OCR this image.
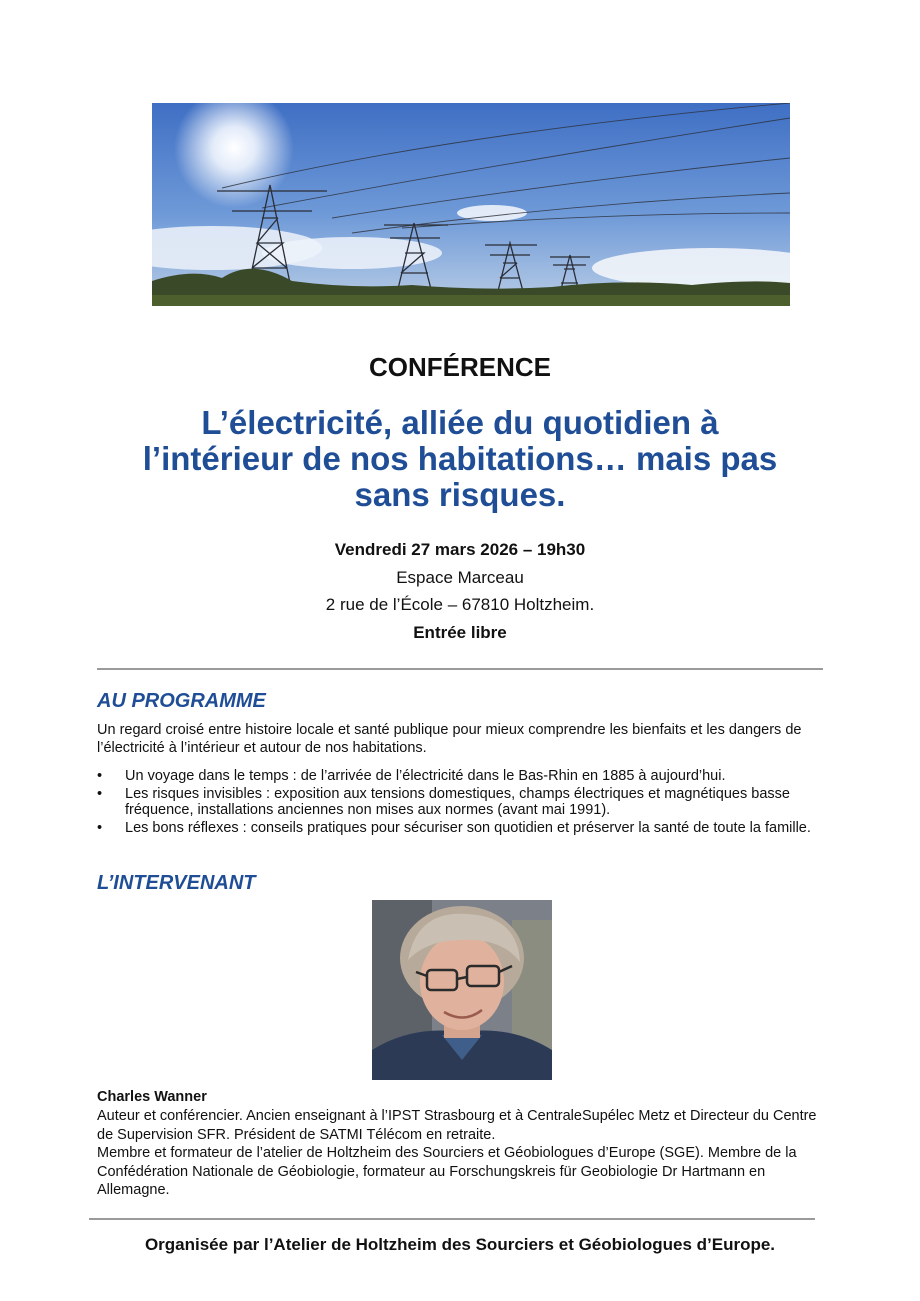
CONFÉRENCE
L’électricité, alliée du quotidien à
l’intérieur de nos habitations… mais pas
sans risques.
Vendredi 27 mars 2026 – 19h30
Espace Marceau
2 rue de l’École – 67810 Holtzheim.
Entrée libre
AU PROGRAMME
Un regard croisé entre histoire locale et santé publique pour mieux comprendre les bienfaits et les dangers de l’électricité à l’intérieur et autour de nos habitations.
• Un voyage dans le temps : de l’arrivée de l’électricité dans le Bas-Rhin en 1885 à aujourd’hui.
• Les risques invisibles : exposition aux tensions domestiques, champs électriques et magnétiques basse fréquence, installations anciennes non mises aux normes (avant mai 1991).
• Les bons réflexes : conseils pratiques pour sécuriser son quotidien et préserver la santé de toute la famille.
L’INTERVENANT
Charles Wanner
Auteur et conférencier. Ancien enseignant à l’IPST Strasbourg et à CentraleSupélec Metz et Directeur du Centre de Supervision SFR. Président de SATMI Télécom en retraite.
Membre et formateur de l’atelier de Holtzheim des Sourciers et Géobiologues d’Europe (SGE). Membre de la Confédération Nationale de Géobiologie, formateur au Forschungskreis für Geobiologie Dr Hartmann en Allemagne.
Organisée par l’Atelier de Holtzheim des Sourciers et Géobiologues d’Europe.
